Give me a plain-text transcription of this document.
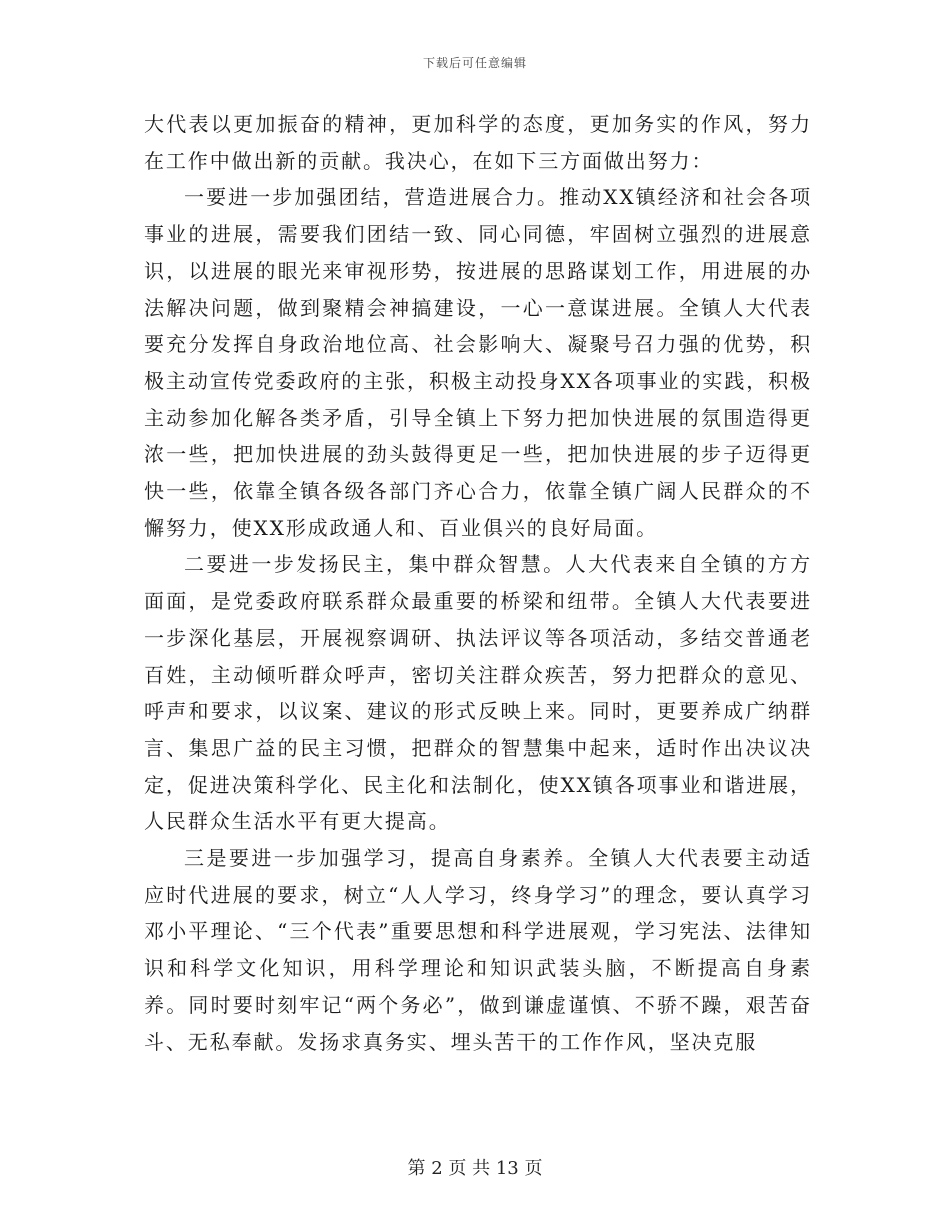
下载后可任意编辑

大代表以更加振奋的精神，更加科学的态度，更加务实的作风，努力在工作中做出新的贡献。我决心，在如下三方面做出努力：

一要进一步加强团结，营造进展合力。推动XX镇经济和社会各项事业的进展，需要我们团结一致、同心同德，牢固树立强烈的进展意识，以进展的眼光来审视形势，按进展的思路谋划工作，用进展的办法解决问题，做到聚精会神搞建设，一心一意谋进展。全镇人大代表要充分发挥自身政治地位高、社会影响大、凝聚号召力强的优势，积极主动宣传党委政府的主张，积极主动投身XX各项事业的实践，积极主动参加化解各类矛盾，引导全镇上下努力把加快进展的氛围造得更浓一些，把加快进展的劲头鼓得更足一些，把加快进展的步子迈得更快一些，依靠全镇各级各部门齐心合力，依靠全镇广阔人民群众的不懈努力，使XX形成政通人和、百业俱兴的良好局面。

二要进一步发扬民主，集中群众智慧。人大代表来自全镇的方方面面，是党委政府联系群众最重要的桥梁和纽带。全镇人大代表要进一步深化基层，开展视察调研、执法评议等各项活动，多结交普通老百姓，主动倾听群众呼声，密切关注群众疾苦，努力把群众的意见、呼声和要求，以议案、建议的形式反映上来。同时，更要养成广纳群言、集思广益的民主习惯，把群众的智慧集中起来，适时作出决议决定，促进决策科学化、民主化和法制化，使XX镇各项事业和谐进展，人民群众生活水平有更大提高。

三是要进一步加强学习，提高自身素养。全镇人大代表要主动适应时代进展的要求，树立“人人学习，终身学习”的理念，要认真学习邓小平理论、“三个代表”重要思想和科学进展观，学习宪法、法律知识和科学文化知识，用科学理论和知识武装头脑，不断提高自身素养。同时要时刻牢记“两个务必”，做到谦虚谨慎、不骄不躁，艰苦奋斗、无私奉献。发扬求真务实、埋头苦干的工作作风，坚决克服

第 2 页 共 13 页
